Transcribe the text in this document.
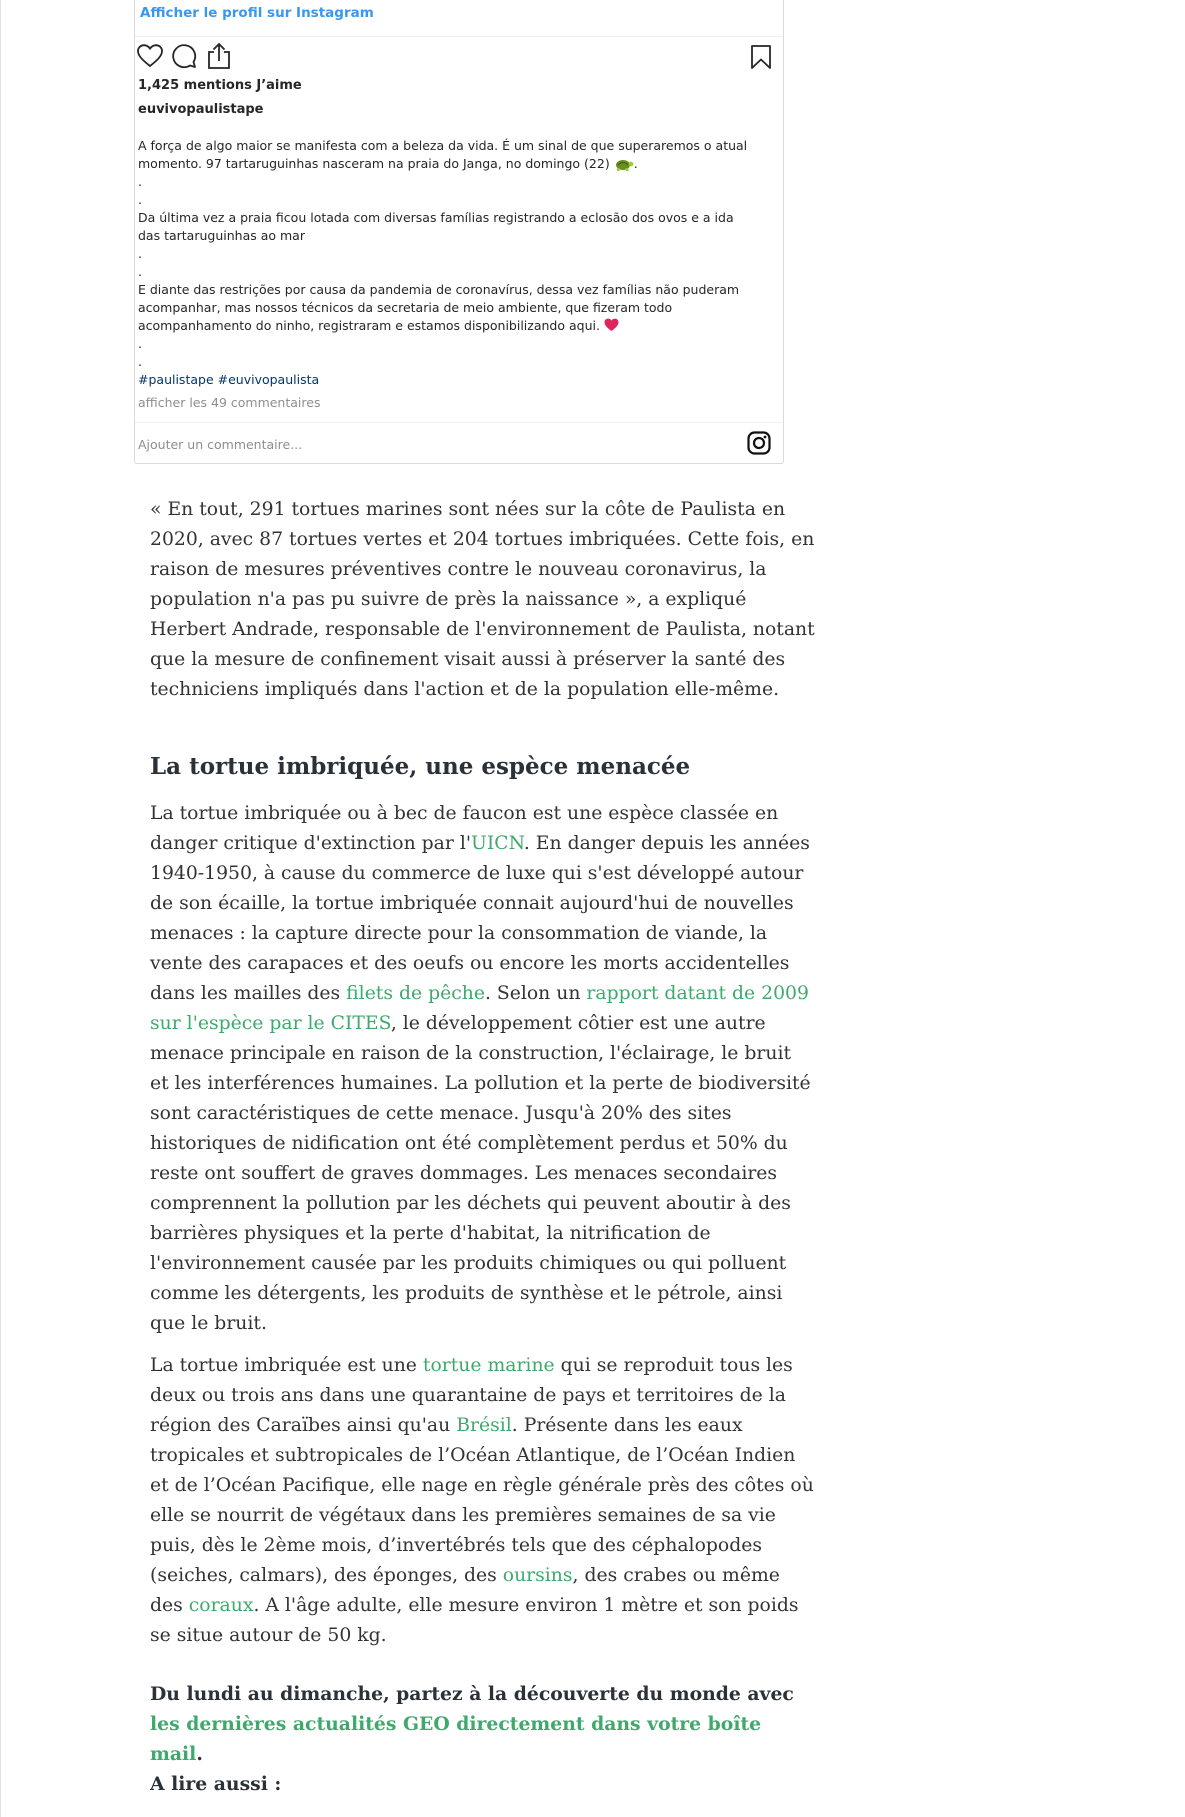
Afficher le profil sur Instagram
1,425 mentions J’aime
euvivopaulistape

A força de algo maior se manifesta com a beleza da vida. É um sinal de que superaremos o atual momento. 97 tartaruguinhas nasceram na praia do Janga, no domingo (22) .

.

.

Da última vez a praia ficou lotada com diversas famílias registrando a eclosão dos ovos e a ida das tartaruguinhas ao mar

.

.

E diante das restrições por causa da pandemia de coronavírus, dessa vez famílias não puderam acompanhar, mas nossos técnicos da secretaria de meio ambiente, que fizeram todo acompanhamento do ninho, registraram e estamos disponibilizando aqui.

.

.

#paulistape #euvivopaulista

afficher les 49 commentaires
Ajouter un commentaire...

« En tout, 291 tortues marines sont nées sur la côte de Paulista en 2020, avec 87 tortues vertes et 204 tortues imbriquées. Cette fois, en raison de mesures préventives contre le nouveau coronavirus, la population n'a pas pu suivre de près la naissance », a expliqué Herbert Andrade, responsable de l'environnement de Paulista, notant que la mesure de confinement visait aussi à préserver la santé des techniciens impliqués dans l'action et de la population elle-même.

La tortue imbriquée, une espèce menacée

La tortue imbriquée ou à bec de faucon est une espèce classée en danger critique d'extinction par l'UICN. En danger depuis les années 1940-1950, à cause du commerce de luxe qui s'est développé autour de son écaille, la tortue imbriquée connait aujourd'hui de nouvelles menaces : la capture directe pour la consommation de viande, la vente des carapaces et des oeufs ou encore les morts accidentelles dans les mailles des filets de pêche. Selon un rapport datant de 2009 sur l'espèce par le CITES, le développement côtier est une autre menace principale en raison de la construction, l'éclairage, le bruit et les interférences humaines. La pollution et la perte de biodiversité sont caractéristiques de cette menace. Jusqu'à 20% des sites historiques de nidification ont été complètement perdus et 50% du reste ont souffert de graves dommages. Les menaces secondaires comprennent la pollution par les déchets qui peuvent aboutir à des barrières physiques et la perte d'habitat, la nitrification de l'environnement causée par les produits chimiques ou qui polluent comme les détergents, les produits de synthèse et le pétrole, ainsi que le bruit.

La tortue imbriquée est une tortue marine qui se reproduit tous les deux ou trois ans dans une quarantaine de pays et territoires de la région des Caraïbes ainsi qu'au Brésil. Présente dans les eaux tropicales et subtropicales de l’Océan Atlantique, de l’Océan Indien et de l’Océan Pacifique, elle nage en règle générale près des côtes où elle se nourrit de végétaux dans les premières semaines de sa vie puis, dès le 2ème mois, d’invertébrés tels que des céphalopodes (seiches, calmars), des éponges, des oursins, des crabes ou même des coraux. A l'âge adulte, elle mesure environ 1 mètre et son poids se situe autour de 50 kg.

Du lundi au dimanche, partez à la découverte du monde avec les dernières actualités GEO directement dans votre boîte mail.

A lire aussi :
